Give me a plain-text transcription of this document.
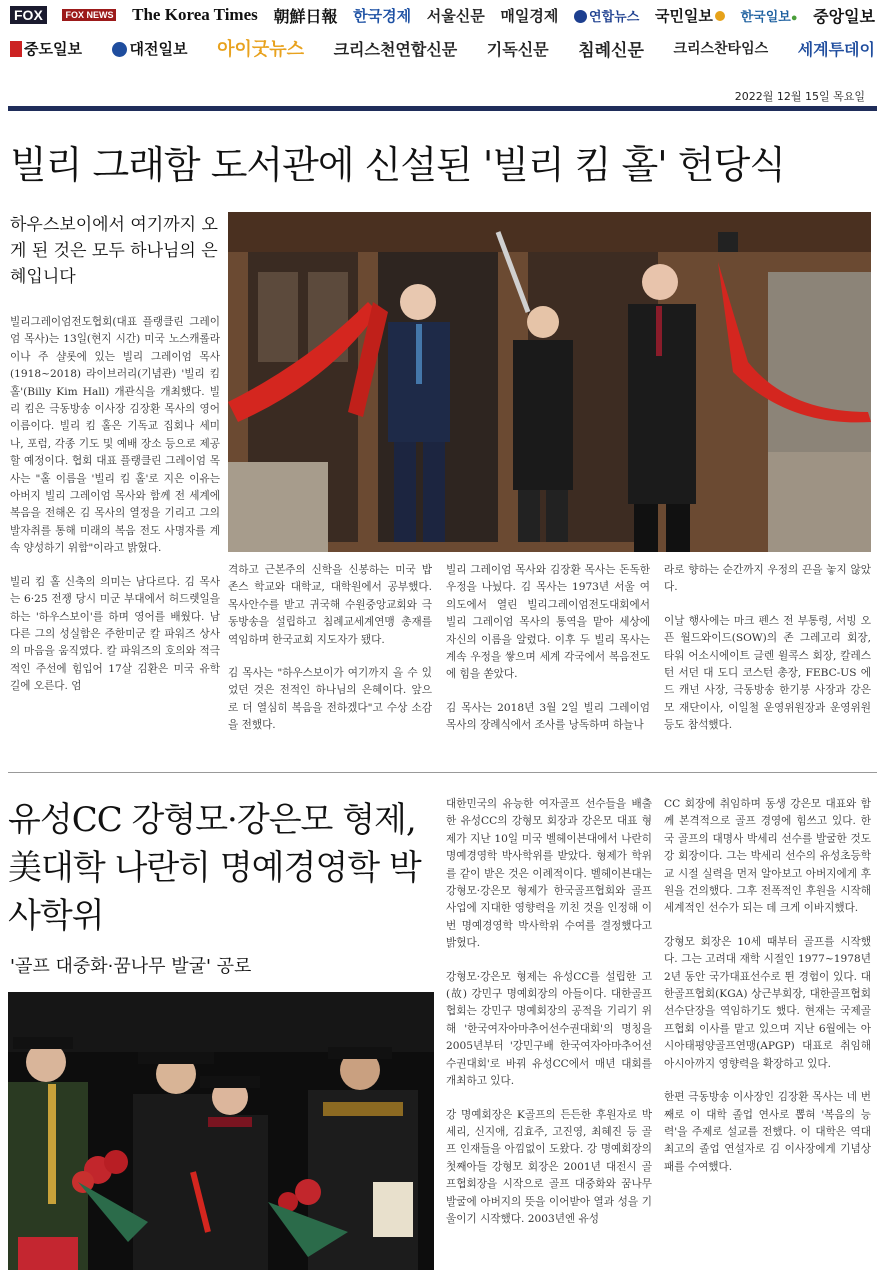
FOX	FOX NEWS The Korea Times 朝鮮日報 한국경제 서울신문 매일경제	연합뉴스 국민일보	한국일보● 중앙일보
중도일보	대전일보 아이굿뉴스 크리스천연합신문 기독신문 침례신문 크리스찬타임스 세계투데이
2022월 12월 15일 목요일
빌리 그래함 도서관에 신설된 '빌리 킴 홀' 헌당식
하우스보이에서 여기까지 오게 된 것은 모두 하나님의 은혜입니다

빌리그레이엄전도협회(대표 플랭클린 그레이엄 목사)는 13일(현지 시간) 미국 노스캐롤라이나 주 샬롯에 있는 빌리 그레이엄 목사(1918~2018) 라이브러리(기념관) '빌리 킴 홀'(Billy Kim Hall) 개관식을 개최했다. 빌리 킴은 극동방송 이사장 김장환 목사의 영어 이름이다. 빌리 킴 홀은 기독교 집회나 세미나, 포럼, 각종 기도 및 예배 장소 등으로 제공할 예정이다. 협회 대표 플랭클린 그레이엄 목사는 "홀 이름을 '빌리 킴 홀'로 지은 이유는 아버지 빌리 그레이엄 목사와 함께 전 세계에 복음을 전해온 김 목사의 열정을 기리고 그의 발자취를 통해 미래의 복음 전도 사명자를 계속 양성하기 위함"이라고 밝혔다.

빌리 킴 홀 신축의 의미는 남다르다. 김 목사는 6·25 전쟁 당시 미군 부대에서 허드렛일을 하는 '하우스보이'를 하며 영어를 배웠다. 남다른 그의 성실함은 주한미군 칼 파워즈 상사의 마음을 움직였다. 칼 파워즈의 호의와 적극적인 주선에 힘입어 17살 김환은 미국 유학 길에 오른다. 엄

격하고 근본주의 신학을 신봉하는 미국 밥 존스 학교와 대학교, 대학원에서 공부했다. 목사안수를 받고 귀국해 수원중앙교회와 극동방송을 설립하고 침례교세계연맹 총재를 역임하며 한국교회 지도자가 됐다.

김 목사는 "하우스보이가 여기까지 올 수 있었던 것은 전적인 하나님의 은혜이다. 앞으로 더 열심히 복음을 전하겠다"고 수상 소감을 전했다.

빌리 그레이엄 목사와 김장환 목사는 돈독한 우정을 나눴다. 김 목사는 1973년 서울 여의도에서 열린 빌리그레이엄전도대회에서 빌리 그레이엄 목사의 통역을 맡아 세상에 자신의 이름을 알렸다. 이후 두 빌리 목사는 계속 우정을 쌓으며 세계 각국에서 복음전도에 힘을 쏟았다.

김 목사는 2018년 3월 2일 빌리 그레이엄 목사의 장례식에서 조사를 낭독하며 하늘나

라로 향하는 순간까지 우정의 끈을 놓지 않았다.

이날 행사에는 마크 펜스 전 부통령, 서빙 오픈 월드와이드(SOW)의 존 그레고리 회장, 타워 어소시에이트 글렌 윌콕스 회장, 칼레스턴 서던 대 도디 코스턴 총장, FEBC-US 에드 캐넌 사장, 극동방송 한기붕 사장과 강은모 재단이사, 이일철 운영위원장과 운영위원 등도 참석했다.

유성CC 강형모·강은모 형제, 美대학 나란히 명예경영학 박사학위
'골프 대중화·꿈나무 발굴' 공로

대한민국의 유능한 여자골프 선수들을 배출한 유성CC의 강형모 회장과 강은모 대표 형제가 지난 10일 미국 벨헤이븐대에서 나란히 명예경영학 박사학위를 받았다. 형제가 학위를 같이 받은 것은 이례적이다. 벨헤이븐대는 강형모·강은모 형제가 한국골프협회와 골프사업에 지대한 영향력을 끼친 것을 인정해 이번 명예경영학 박사학위 수여를 결정했다고 밝혔다.

강형모·강은모 형제는 유성CC를 설립한 고(故) 강민구 명예회장의 아들이다. 대한골프협회는 강민구 명예회장의 공적을 기리기 위해 '한국여자아마추어선수권대회'의 명칭을 2005년부터 '강민구배 한국여자아마추어선수권대회'로 바꿔 유성CC에서 매년 대회를 개최하고 있다.

강 명예회장은 K골프의 든든한 후원자로 박세리, 신지애, 김효주, 고진영, 최혜진 등 골프 인재들을 아낌없이 도왔다. 강 명예회장의 첫째아들 강형모 회장은 2001년 대전시 골프협회장을 시작으로 골프 대중화와 꿈나무 발굴에 아버지의 뜻을 이어받아 열과 성을 기울이기 시작했다. 2003년엔 유성

CC 회장에 취임하며 동생 강은모 대표와 함께 본격적으로 골프 경영에 힘쓰고 있다. 한국 골프의 대명사 박세리 선수를 발굴한 것도 강 회장이다. 그는 박세리 선수의 유성초등학교 시절 실력을 먼저 알아보고 아버지에게 후원을 건의했다. 그후 전폭적인 후원을 시작해 세계적인 선수가 되는 데 크게 이바지했다.

강형모 회장은 10세 때부터 골프를 시작했다. 그는 고려대 재학 시절인 1977~1978년 2년 동안 국가대표선수로 뛴 경험이 있다. 대한골프협회(KGA) 상근부회장, 대한골프협회선수단장을 역임하기도 했다. 현재는 국제골프협회 이사를 맡고 있으며 지난 6월에는 아시아태평양골프연맹(APGP) 대표로 취임해 아시아까지 영향력을 확장하고 있다.

한편 극동방송 이사장인 김장환 목사는 네 번째로 이 대학 졸업 연사로 뽑혀 '복음의 능력'을 주제로 설교를 전했다. 이 대학은 역대 최고의 졸업 연설자로 김 이사장에게 기념상패를 수여했다.
